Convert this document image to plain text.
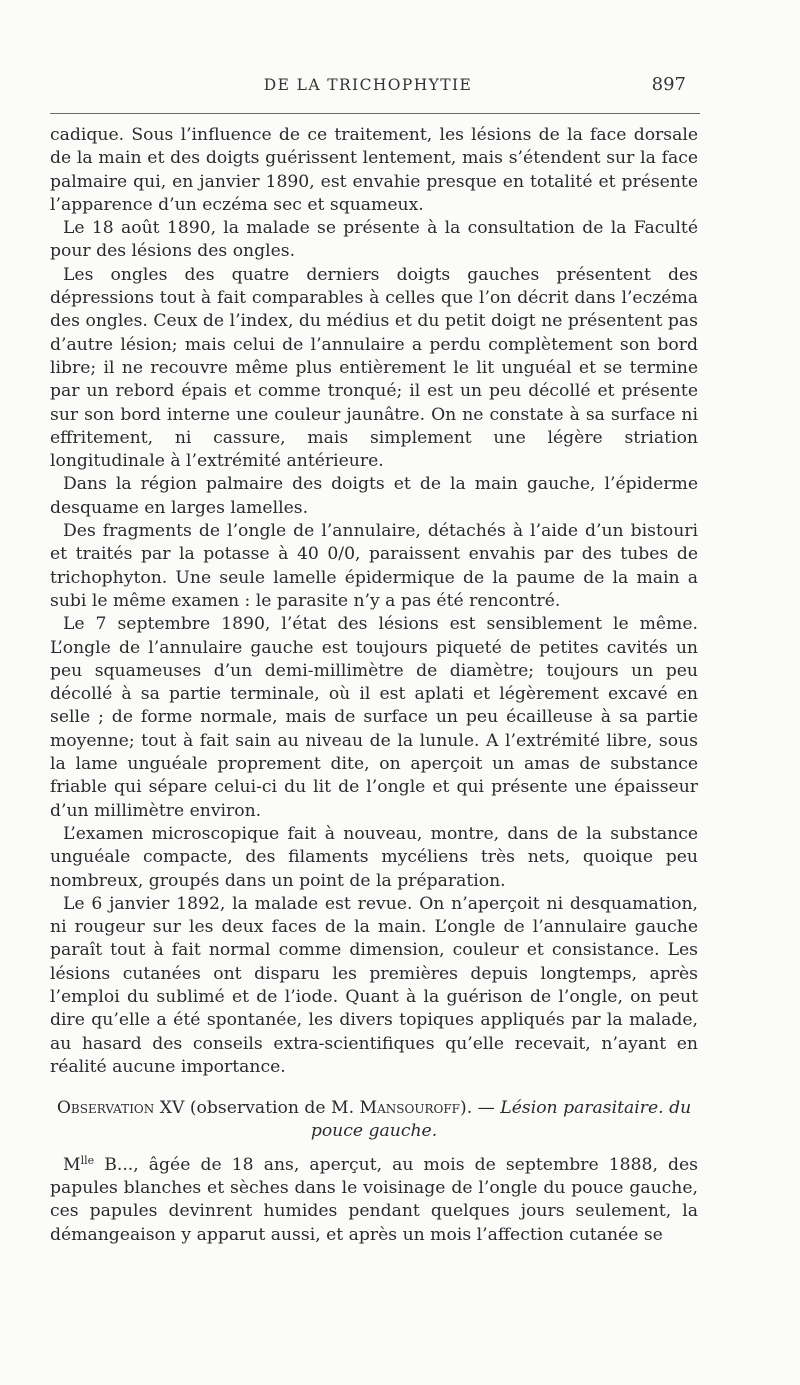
DE LA TRICHOPHYTIE	897

cadique. Sous l’influence de ce traitement, les lésions de la face dorsale de la main et des doigts guérissent lentement, mais s’étendent sur la face palmaire qui, en janvier 1890, est envahie presque en totalité et présente l’apparence d’un eczéma sec et squameux.

Le 18 août 1890, la malade se présente à la consultation de la Faculté pour des lésions des ongles.

Les ongles des quatre derniers doigts gauches présentent des dépressions tout à fait comparables à celles que l’on décrit dans l’eczéma des ongles. Ceux de l’index, du médius et du petit doigt ne présentent pas d’autre lésion; mais celui de l’annulaire a perdu complètement son bord libre; il ne recouvre même plus entièrement le lit unguéal et se termine par un rebord épais et comme tronqué; il est un peu décollé et présente sur son bord interne une couleur jaunâtre. On ne constate à sa surface ni effritement, ni cassure, mais simplement une légère striation longitudinale à l’extrémité antérieure.

Dans la région palmaire des doigts et de la main gauche, l’épiderme desquame en larges lamelles.

Des fragments de l’ongle de l’annulaire, détachés à l’aide d’un bistouri et traités par la potasse à 40 0/0, paraissent envahis par des tubes de trichophyton. Une seule lamelle épidermique de la paume de la main a subi le même examen : le parasite n’y a pas été rencontré.

Le 7 septembre 1890, l’état des lésions est sensiblement le même. L’ongle de l’annulaire gauche est toujours piqueté de petites cavités un peu squameuses d’un demi-millimètre de diamètre; toujours un peu décollé à sa partie terminale, où il est aplati et légèrement excavé en selle ; de forme normale, mais de surface un peu écailleuse à sa partie moyenne; tout à fait sain au niveau de la lunule. A l’extrémité libre, sous la lame unguéale proprement dite, on aperçoit un amas de substance friable qui sépare celui-ci du lit de l’ongle et qui présente une épaisseur d’un millimètre environ.

L’examen microscopique fait à nouveau, montre, dans de la substance unguéale compacte, des filaments mycéliens très nets, quoique peu nombreux, groupés dans un point de la préparation.

Le 6 janvier 1892, la malade est revue. On n’aperçoit ni desquamation, ni rougeur sur les deux faces de la main. L’ongle de l’annulaire gauche paraît tout à fait normal comme dimension, couleur et consistance. Les lésions cutanées ont disparu les premières depuis longtemps, après l’emploi du sublimé et de l’iode. Quant à la guérison de l’ongle, on peut dire qu’elle a été spontanée, les divers topiques appliqués par la malade, au hasard des conseils extra-scientifiques qu’elle recevait, n’ayant en réalité aucune importance.

Observation XV (observation de M. Mansouroff). — Lésion parasitaire. du pouce gauche.

$M^{lle}$ B..., âgée de 18 ans, aperçut, au mois de septembre 1888, des papules blanches et sèches dans le voisinage de l’ongle du pouce gauche, ces papules devinrent humides pendant quelques jours seulement, la démangeaison y apparut aussi, et après un mois l’affection cutanée se
